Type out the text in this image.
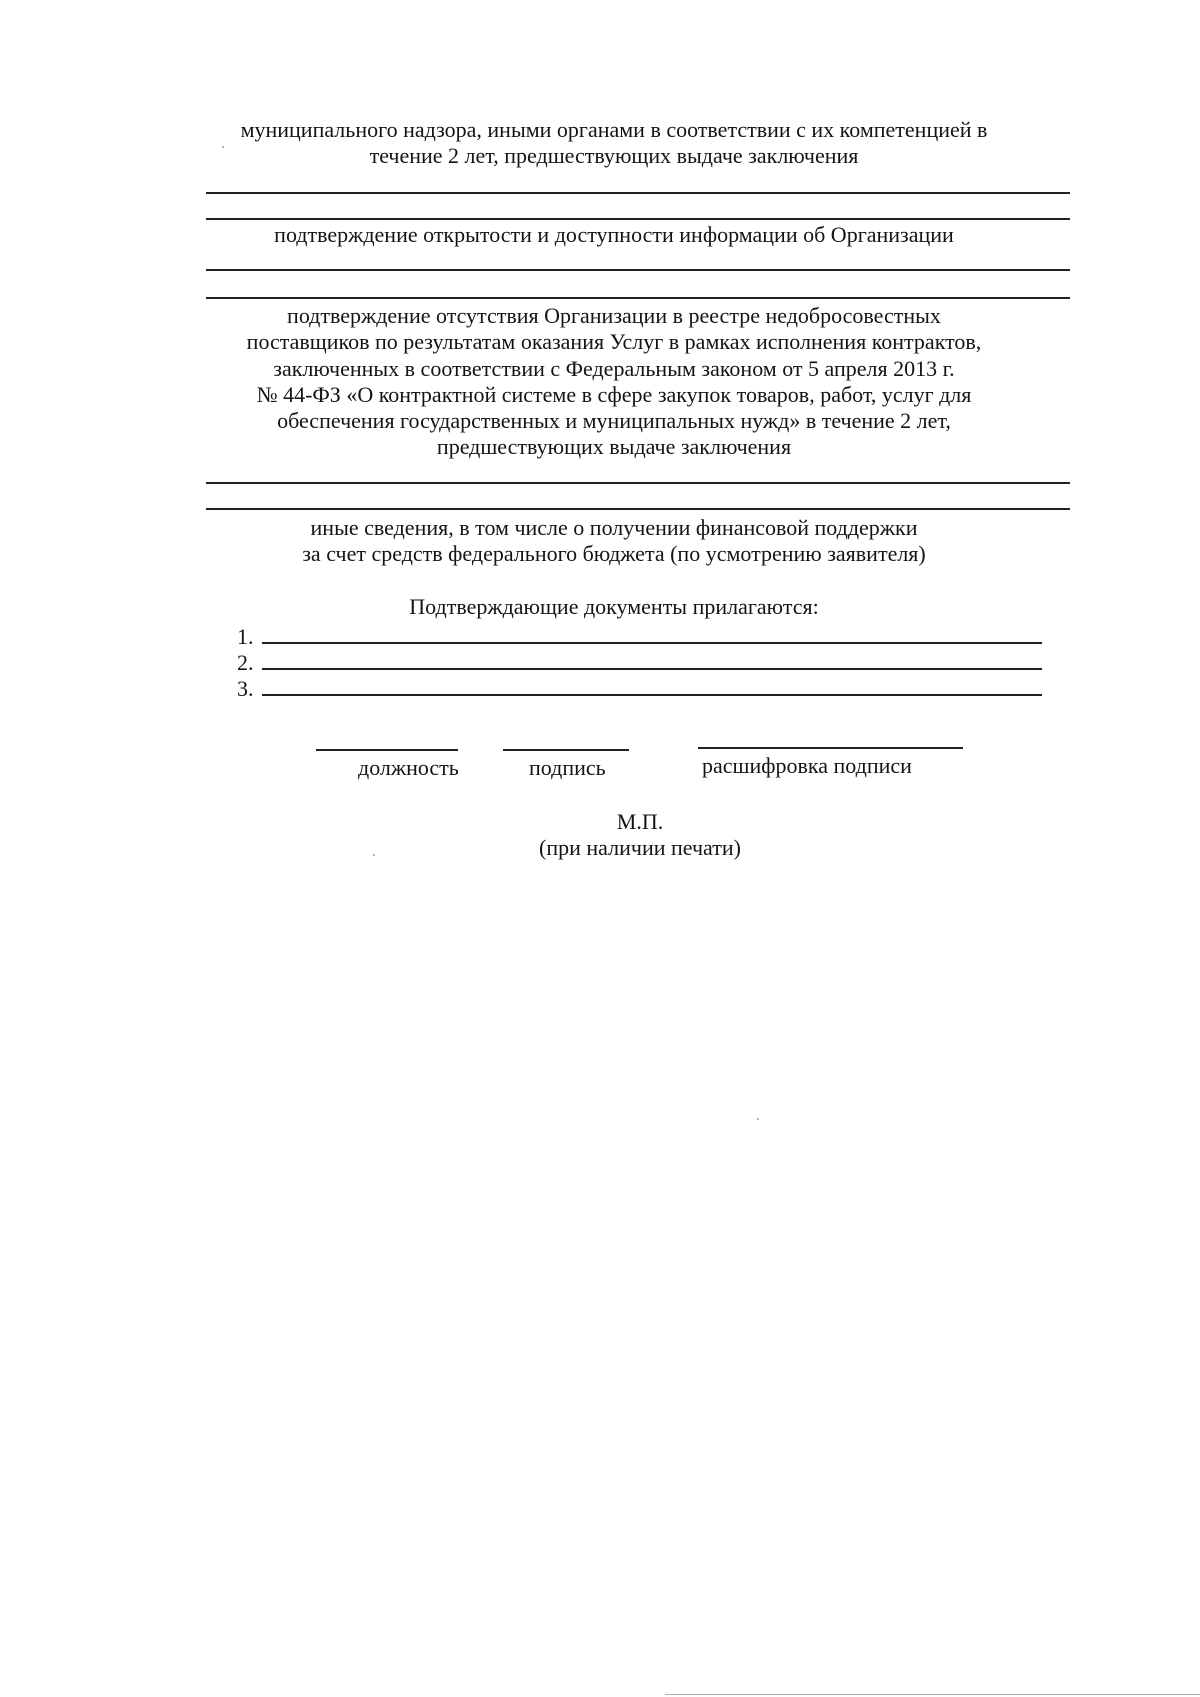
муниципального надзора, иными органами в соответствии с их компетенцией в
течение 2 лет, предшествующих выдаче заключения
подтверждение открытости и доступности информации об Организации
подтверждение отсутствия Организации в реестре недобросовестных
поставщиков по результатам оказания Услуг в рамках исполнения контрактов,
заключенных в соответствии с Федеральным законом от 5 апреля 2013 г.
№ 44-ФЗ «О контрактной системе в сфере закупок товаров, работ, услуг для
обеспечения государственных и муниципальных нужд» в течение 2 лет,
предшествующих выдаче заключения
иные сведения, в том числе о получении финансовой поддержки
за счет средств федерального бюджета (по усмотрению заявителя)
Подтверждающие документы прилагаются:
1.
2.
3.
должность	подпись	расшифровка подписи
М.П.
(при наличии печати)
